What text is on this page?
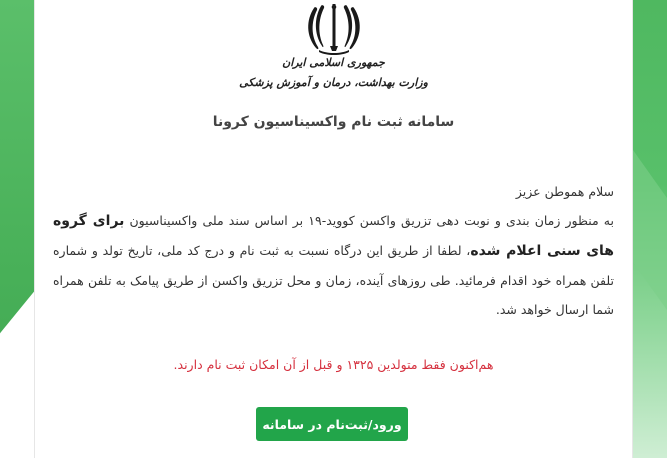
جمهوری اسلامی ایران
وزارت بهداشت، درمان و آموزش پزشکی
سامانه ثبت نام واکسیناسیون کرونا

سلام هموطن عزیز

به منظور زمان بندی و نوبت دهی تزریق واکسن کووید-۱۹ بر اساس سند ملی واکسیناسیون برای گروه های سنی اعلام شده، لطفا از طریق این درگاه نسبت به ثبت نام و درج کد ملی، تاریخ تولد و شماره تلفن همراه خود اقدام فرمائید. طی روزهای آینده، زمان و محل تزریق واکسن از طریق پیامک به تلفن همراه شما ارسال خواهد شد.

هم‌اکنون فقط متولدین ۱۳۲۵ و قبل از آن امکان ثبت نام دارند.
ورود/ثبت‌نام در سامانه
